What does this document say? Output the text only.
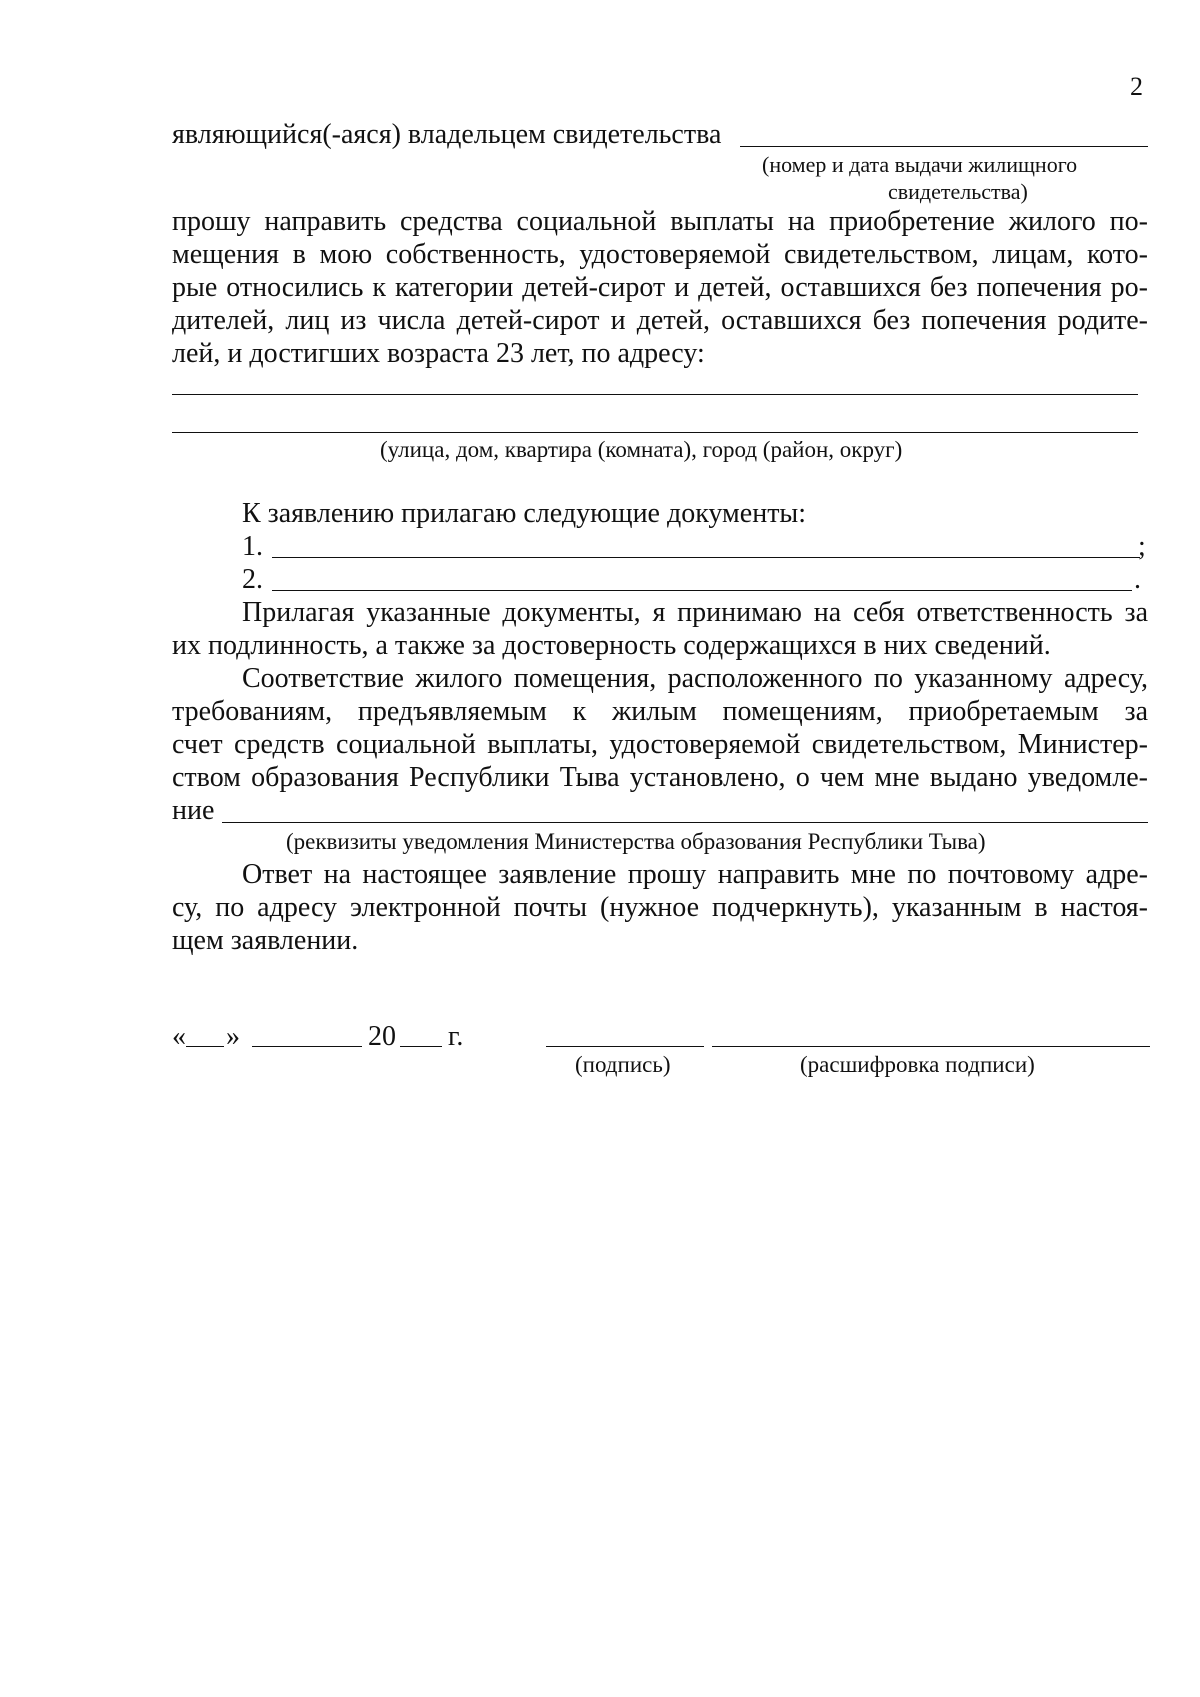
2
являющийся(-аяся) владельцем свидетельства
(номер и дата выдачи жилищного
свидетельства)
прошу направить средства социальной выплаты на приобретение жилого по-
мещения в мою собственность, удостоверяемой свидетельством, лицам, кото-
рые относились к категории детей-сирот и детей, оставшихся без попечения ро-
дителей, лиц из числа детей-сирот и детей, оставшихся без попечения родите-
лей, и достигших возраста 23 лет, по адресу:
(улица, дом, квартира (комната), город (район, округ)
К заявлению прилагаю следующие документы:
1.	;
2.	.
Прилагая указанные документы, я принимаю на себя ответственность за
их подлинность, а также за достоверность содержащихся в них сведений.
Соответствие жилого помещения, расположенного по указанному адресу,
требованиям, предъявляемым к жилым помещениям, приобретаемым за
счет средств социальной выплаты, удостоверяемой свидетельством, Министер-
ством образования Республики Тыва установлено, о чем мне выдано уведомле-
ние
(реквизиты уведомления Министерства образования Республики Тыва)
Ответ на настоящее заявление прошу направить мне по почтовому адре-
су, по адресу электронной почты (нужное подчеркнуть), указанным в настоя-
щем заявлении.
« »	20 г.
(подпись)	(расшифровка подписи)
